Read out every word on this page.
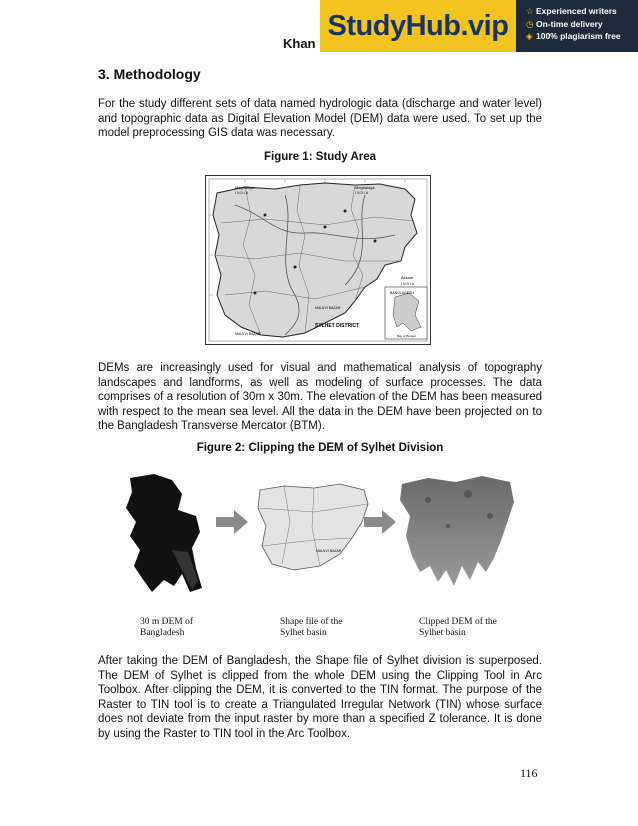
Khan
StudyHub.vip	☆ Experienced writers
◷ On-time delivery
◈ 100% plagiarism free
3. Methodology

For the study different sets of data named hydrologic data (discharge and water level) and topographic data as Digital Elevation Model (DEM) data were used. To set up the model preprocessing GIS data was necessary.

Figure 1: Study Area
Meghalaya
I N D I A
Meghalaya
I N D I A
Assam
I N D I A
MAULVI BAZAR
MAULVI BAZAR
SYLHET DISTRICT
BANGLADESH
Bay of Bengal

DEMs are increasingly used for visual and mathematical analysis of topography landscapes and landforms, as well as modeling of surface processes. The data comprises of a resolution of 30m x 30m. The elevation of the DEM has been measured with respect to the mean sea level. All the data in the DEM have been projected on to the Bangladesh Transverse Mercator (BTM).

Figure 2: Clipping the DEM of Sylhet Division
MAULVI BAZAR
30 m DEM of
Bangladesh
Shape file of the
Sylhet basin
Clipped DEM of the
Sylhet basin

After taking the DEM of Bangladesh, the Shape file of Sylhet division is superposed. The DEM of Sylhet is clipped from the whole DEM using the Clipping Tool in Arc Toolbox. After clipping the DEM, it is converted to the TIN format. The purpose of the Raster to TIN tool is to create a Triangulated Irregular Network (TIN) whose surface does not deviate from the input raster by more than a specified Z tolerance. It is done by using the Raster to TIN tool in the Arc Toolbox.

116
